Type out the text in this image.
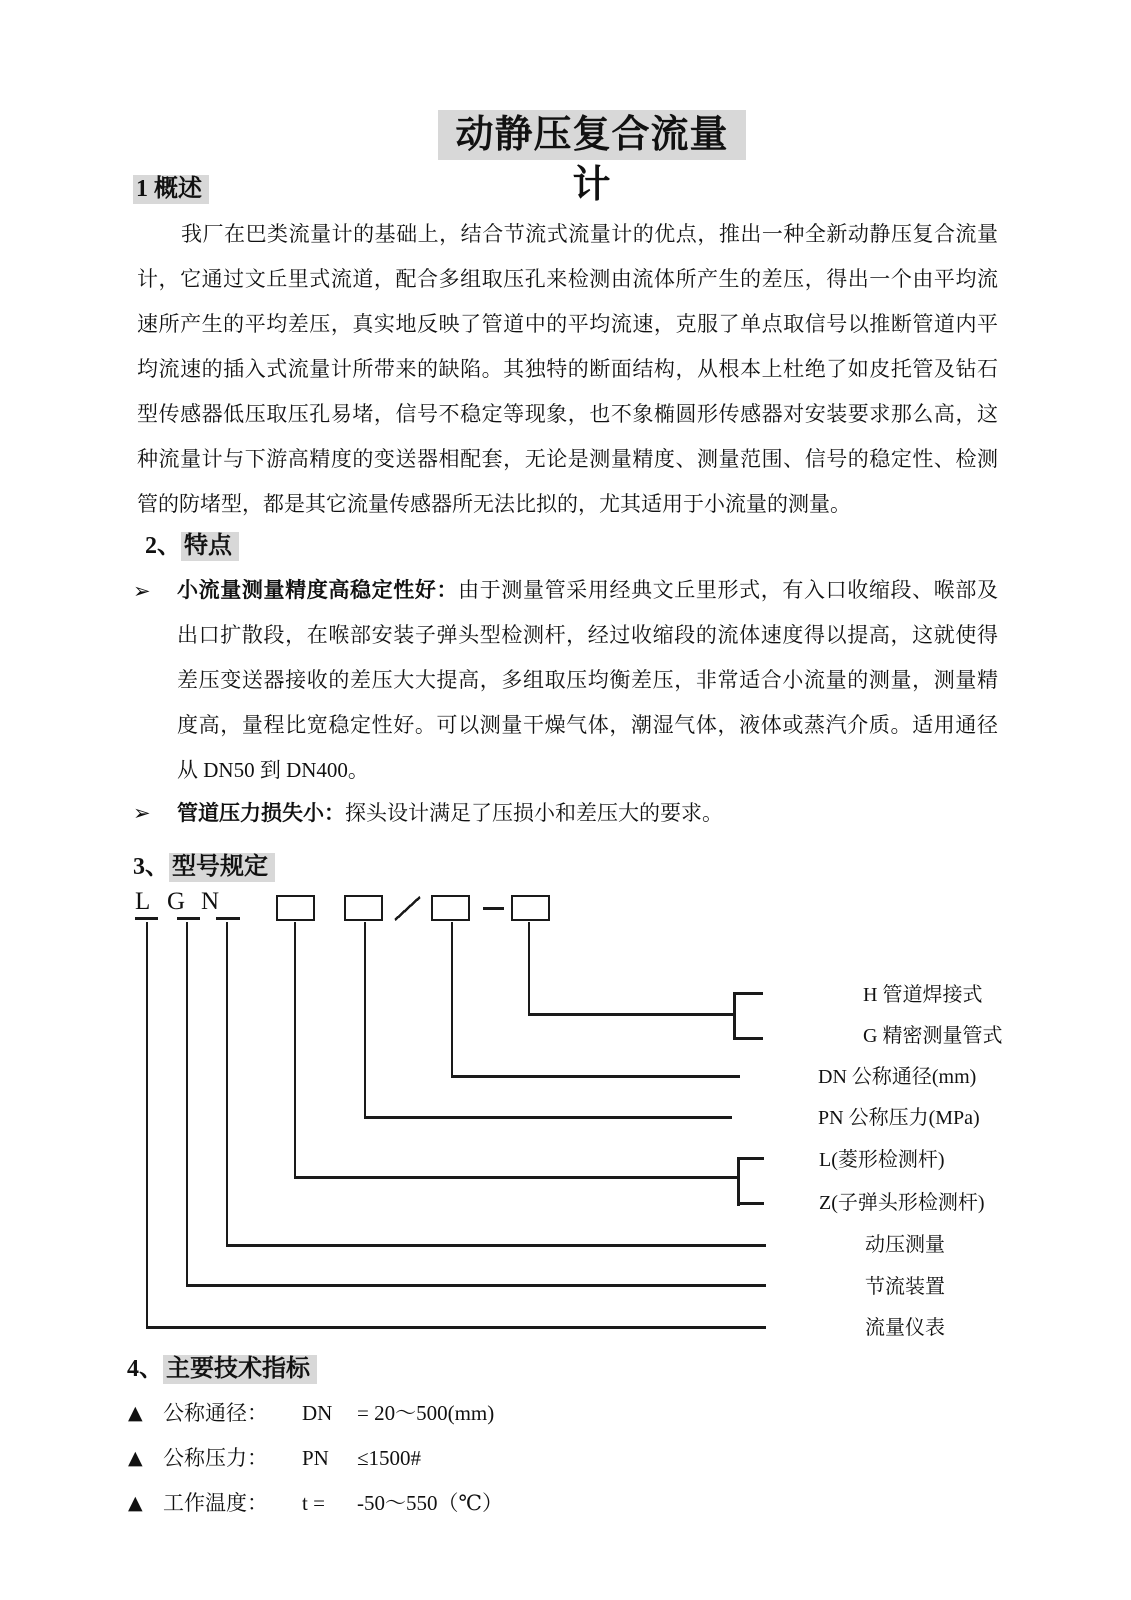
动静压复合流量计
1 概述
我厂在巴类流量计的基础上，结合节流式流量计的优点，推出一种全新动静压复合流量
计，它通过文丘里式流道，配合多组取压孔来检测由流体所产生的差压，得出一个由平均流
速所产生的平均差压，真实地反映了管道中的平均流速，克服了单点取信号以推断管道内平
均流速的插入式流量计所带来的缺陷。其独特的断面结构，从根本上杜绝了如皮托管及钻石
型传感器低压取压孔易堵，信号不稳定等现象，也不象椭圆形传感器对安装要求那么高，这
种流量计与下游高精度的变送器相配套，无论是测量精度、测量范围、信号的稳定性、检测
管的防堵型，都是其它流量传感器所无法比拟的，尤其适用于小流量的测量。
2、 特点
➢ 小流量测量精度高稳定性好：由于测量管采用经典文丘里形式，有入口收缩段、喉部及
出口扩散段，在喉部安装子弹头型检测杆，经过收缩段的流体速度得以提高，这就使得
差压变送器接收的差压大大提高，多组取压均衡差压，非常适合小流量的测量，测量精
度高，量程比宽稳定性好。可以测量干燥气体，潮湿气体，液体或蒸汽介质。适用通径
从 DN50 到 DN400。
➢ 管道压力损失小：探头设计满足了压损小和差压大的要求。
3、 型号规定
L G N
H 管道焊接式
G 精密测量管式
DN 公称通径(mm)
PN 公称压力(MPa)
L(菱形检测杆)
Z(子弹头形检测杆)
动压测量
节流装置
流量仪表
4、 主要技术指标
▲ 公称通径： DN = 20～500(mm)
▲ 公称压力： PN ≤1500#
▲ 工作温度： t = -50～550（℃）
